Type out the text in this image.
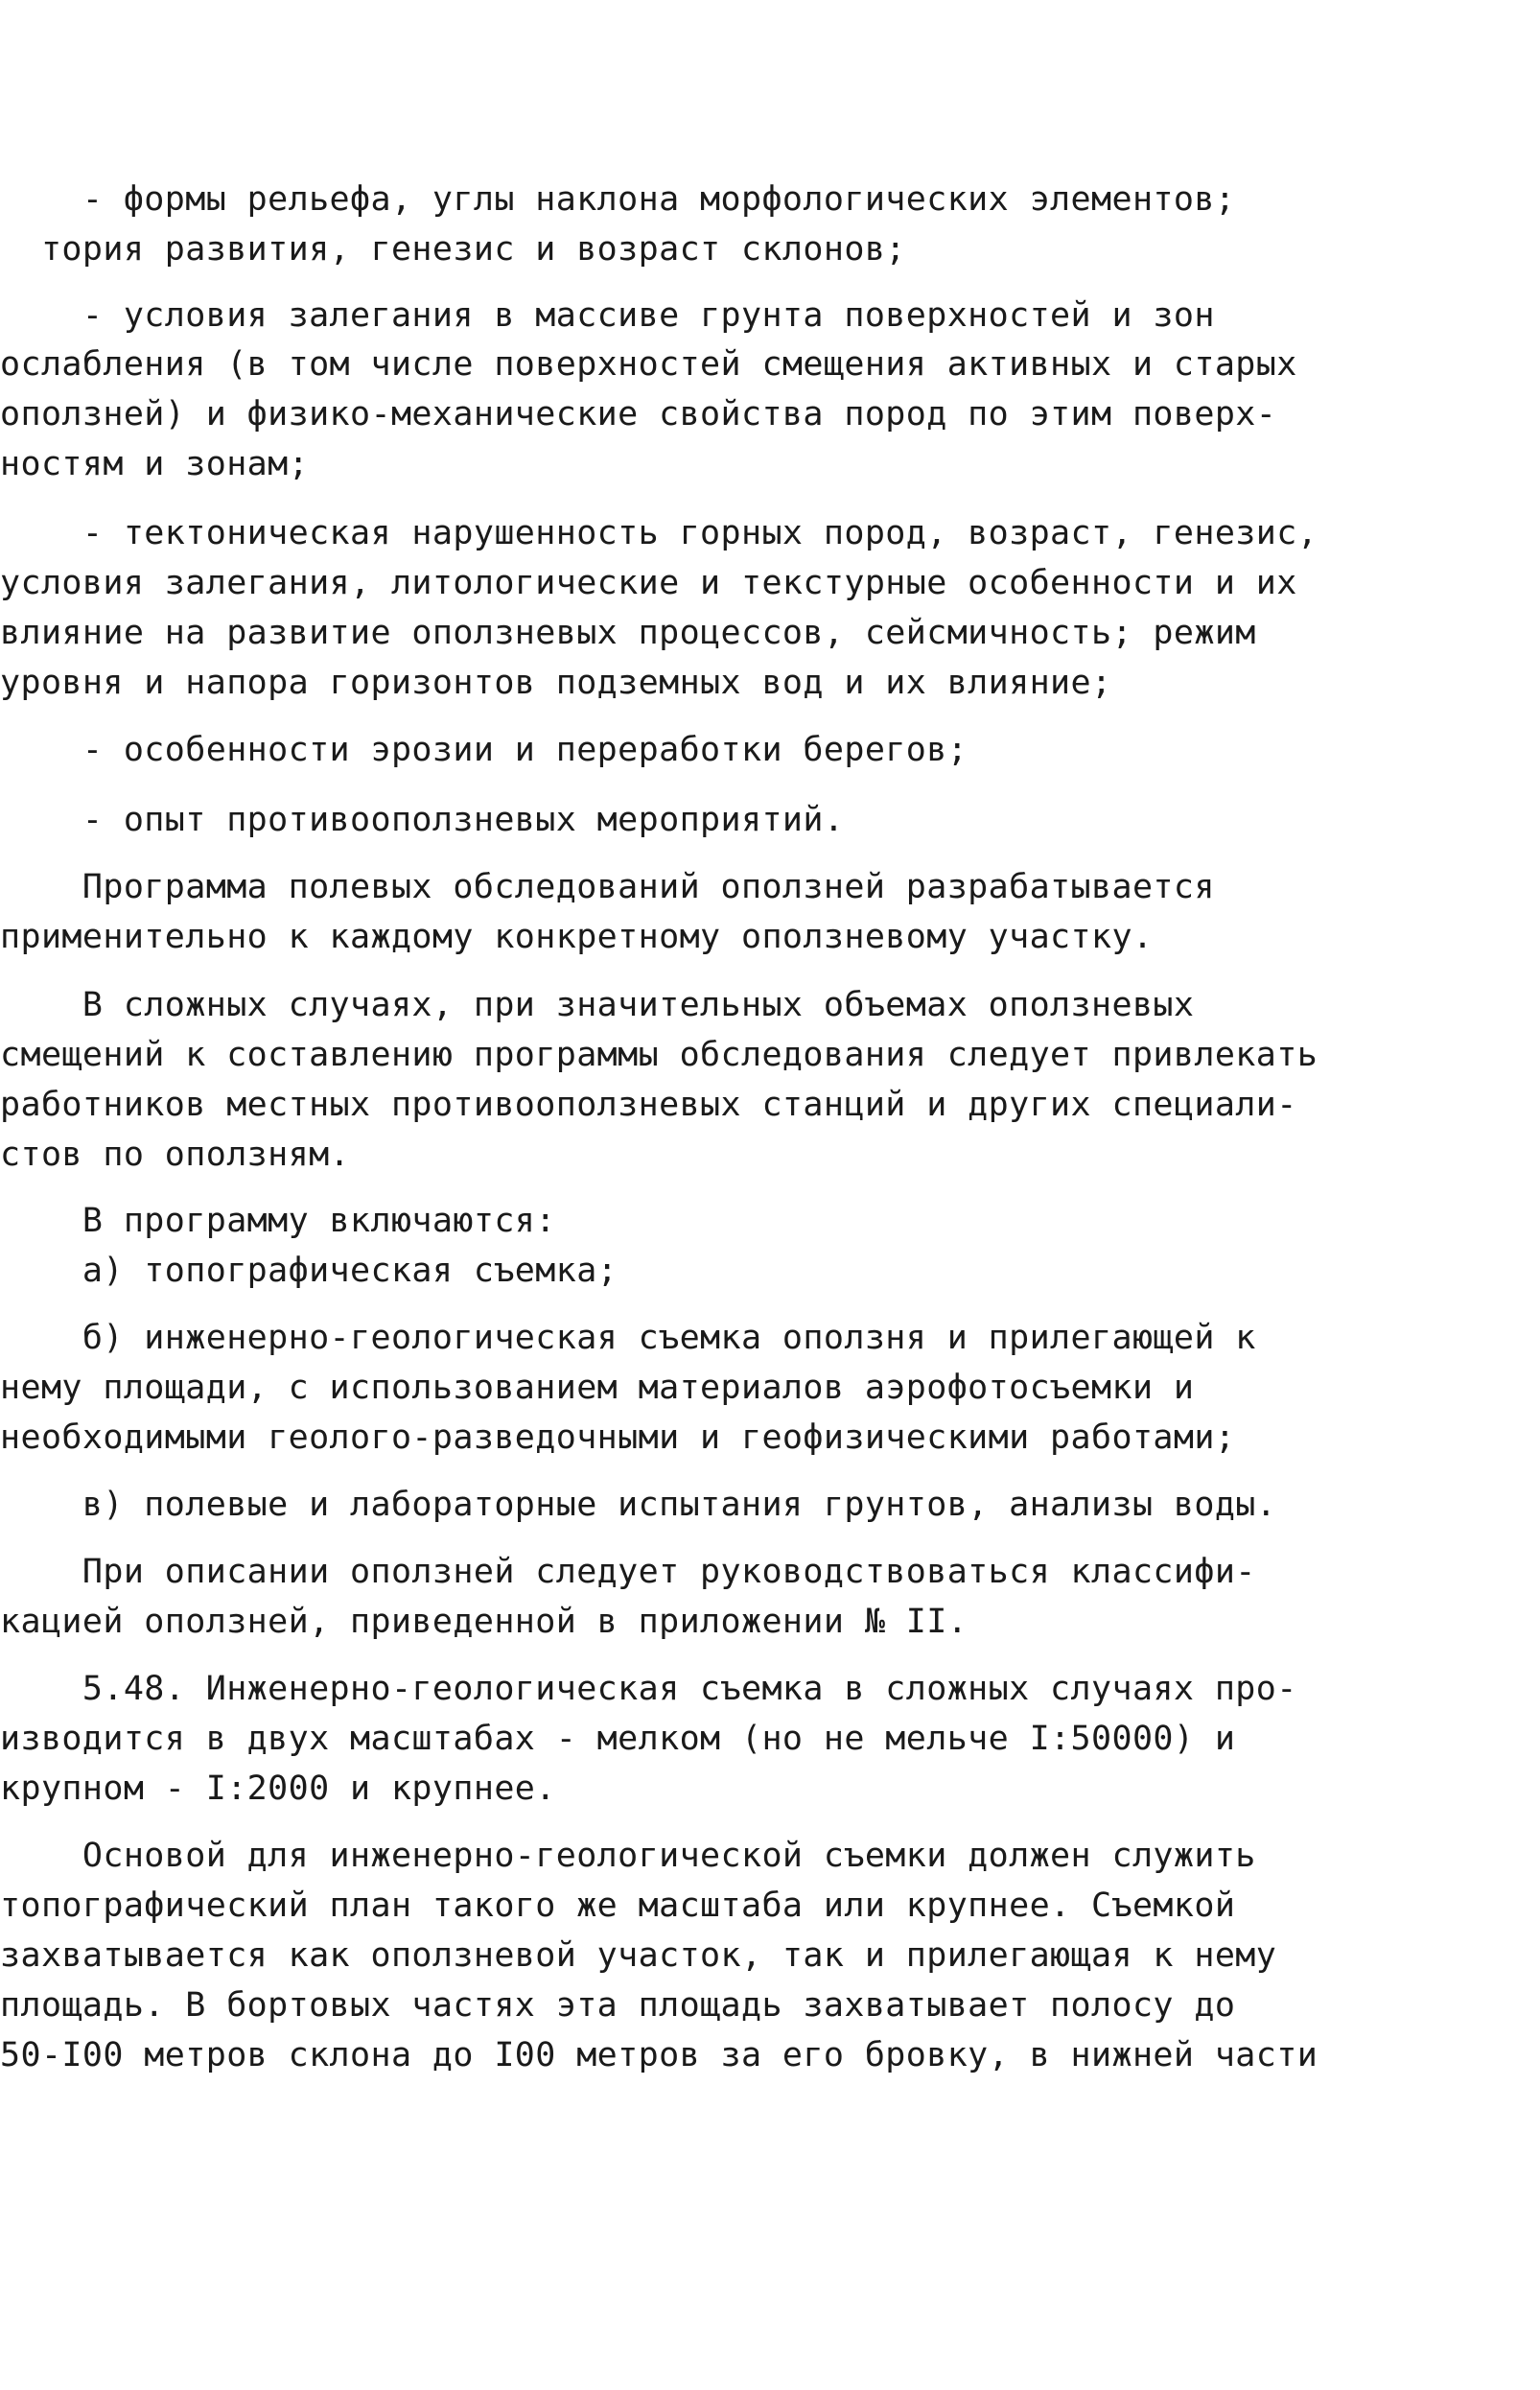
- формы рельефа, углы наклона морфологических элементов;
тория развития, генезис и возраст склонов;
- условия залегания в массиве грунта поверхностей и зон
ослабления (в том числе поверхностей смещения активных и старых
оползней) и физико-механические свойства пород по этим поверх-
ностям и зонам;
- тектоническая нарушенность горных пород, возраст, генезис,
условия залегания, литологические и текстурные особенности и их
влияние на развитие оползневых процессов, сейсмичность; режим
уровня и напора горизонтов подземных вод и их влияние;
- особенности эрозии и переработки берегов;
- опыт противооползневых мероприятий.
Программа полевых обследований оползней разрабатывается
применительно к каждому конкретному оползневому участку.
В сложных случаях, при значительных объемах оползневых
смещений к составлению программы обследования следует привлекать
работников местных противооползневых станций и других специали-
стов по оползням.
В программу включаются:
а) топографическая съемка;
б) инженерно-геологическая съемка оползня и прилегающей к
нему площади, с использованием материалов аэрофотосъемки и
необходимыми геолого-разведочными и геофизическими работами;
в) полевые и лабораторные испытания грунтов, анализы воды.
При описании оползней следует руководствоваться классифи-
кацией оползней, приведенной в приложении № II.
5.48. Инженерно-геологическая съемка в сложных случаях про-
изводится в двух масштабах - мелком (но не мельче I:50000) и
крупном - I:2000 и крупнее.
Основой для инженерно-геологической съемки должен служить
топографический план такого же масштаба или крупнее. Съемкой
захватывается как оползневой участок, так и прилегающая к нему
площадь. В бортовых частях эта площадь захватывает полосу до
50-I00 метров склона до I00 метров за его бровку, в нижней части
